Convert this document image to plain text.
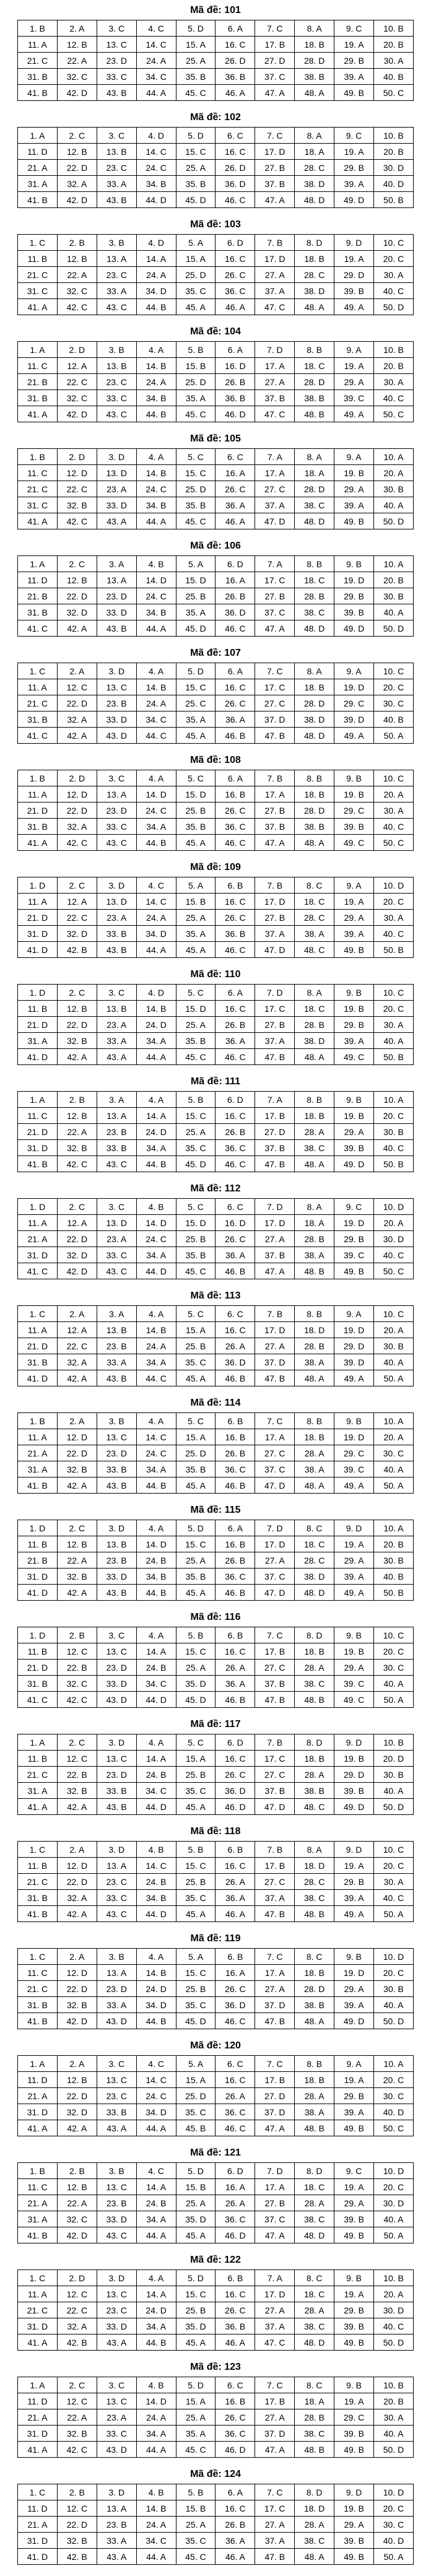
Mã đề: 101
1. B	2. A	3. C	4. C	5. D	6. A	7. C	8. A	9. C	10. B
11. A	12. B	13. C	14. C	15. A	16. C	17. B	18. B	19. A	20. B
21. C	22. A	23. D	24. A	25. A	26. D	27. D	28. D	29. B	30. A
31. B	32. C	33. C	34. C	35. B	36. B	37. C	38. B	39. A	40. B
41. B	42. D	43. B	44. A	45. C	46. A	47. A	48. A	49. B	50. C
Mã đề: 102
1. A	2. C	3. C	4. D	5. D	6. C	7. C	8. A	9. C	10. B
11. D	12. B	13. B	14. C	15. C	16. C	17. D	18. A	19. A	20. B
21. A	22. D	23. C	24. C	25. A	26. D	27. B	28. C	29. B	30. D
31. A	32. A	33. A	34. B	35. B	36. D	37. B	38. D	39. A	40. D
41. B	42. D	43. B	44. D	45. D	46. C	47. A	48. D	49. D	50. B
Mã đề: 103
1. C	2. B	3. B	4. D	5. A	6. D	7. B	8. D	9. D	10. C
11. B	12. B	13. A	14. A	15. A	16. C	17. D	18. B	19. A	20. C
21. C	22. A	23. C	24. A	25. D	26. C	27. A	28. C	29. D	30. A
31. C	32. C	33. A	34. D	35. C	36. C	37. A	38. D	39. B	40. C
41. A	42. C	43. C	44. B	45. A	46. A	47. C	48. A	49. A	50. D
Mã đề: 104
1. A	2. D	3. B	4. A	5. B	6. A	7. D	8. B	9. A	10. B
11. C	12. A	13. B	14. B	15. B	16. D	17. A	18. C	19. A	20. B
21. B	22. C	23. C	24. A	25. D	26. B	27. A	28. D	29. A	30. A
31. B	32. C	33. C	34. B	35. A	36. B	37. B	38. B	39. C	40. C
41. A	42. D	43. C	44. B	45. C	46. D	47. C	48. B	49. A	50. C
Mã đề: 105
1. B	2. D	3. D	4. A	5. C	6. C	7. A	8. A	9. A	10. A
11. C	12. D	13. D	14. B	15. C	16. A	17. A	18. A	19. B	20. A
21. C	22. C	23. A	24. C	25. D	26. C	27. C	28. D	29. A	30. B
31. C	32. B	33. D	34. B	35. B	36. A	37. A	38. C	39. A	40. A
41. A	42. C	43. A	44. A	45. C	46. A	47. D	48. D	49. B	50. D
Mã đề: 106
1. A	2. C	3. A	4. B	5. A	6. D	7. A	8. B	9. B	10. A
11. D	12. B	13. A	14. D	15. D	16. A	17. C	18. C	19. D	20. B
21. B	22. D	23. D	24. C	25. B	26. B	27. B	28. B	29. B	30. B
31. B	32. D	33. D	34. B	35. A	36. D	37. C	38. C	39. B	40. A
41. C	42. A	43. B	44. A	45. D	46. C	47. A	48. D	49. D	50. D
Mã đề: 107
1. C	2. A	3. D	4. A	5. D	6. A	7. C	8. A	9. A	10. C
11. A	12. C	13. C	14. B	15. C	16. C	17. C	18. B	19. D	20. C
21. C	22. D	23. B	24. A	25. C	26. C	27. C	28. D	29. C	30. C
31. B	32. A	33. D	34. C	35. A	36. A	37. D	38. D	39. D	40. B
41. C	42. A	43. D	44. C	45. A	46. B	47. B	48. D	49. A	50. A
Mã đề: 108
1. B	2. D	3. C	4. A	5. C	6. A	7. B	8. B	9. B	10. C
11. A	12. D	13. A	14. D	15. D	16. B	17. A	18. B	19. B	20. A
21. D	22. D	23. D	24. C	25. B	26. C	27. B	28. D	29. C	30. A
31. B	32. A	33. C	34. A	35. B	36. C	37. B	38. B	39. B	40. C
41. A	42. C	43. C	44. B	45. A	46. C	47. A	48. A	49. C	50. C
Mã đề: 109
1. D	2. C	3. D	4. C	5. A	6. B	7. B	8. C	9. A	10. D
11. A	12. A	13. D	14. C	15. B	16. C	17. D	18. C	19. A	20. C
21. D	22. C	23. A	24. A	25. A	26. C	27. B	28. C	29. A	30. A
31. D	32. D	33. B	34. D	35. A	36. B	37. A	38. A	39. A	40. C
41. D	42. B	43. B	44. A	45. A	46. C	47. D	48. C	49. B	50. B
Mã đề: 110
1. D	2. C	3. C	4. D	5. C	6. A	7. D	8. A	9. B	10. C
11. B	12. B	13. B	14. B	15. D	16. C	17. C	18. C	19. B	20. C
21. D	22. D	23. A	24. D	25. A	26. B	27. B	28. B	29. B	30. A
31. A	32. B	33. A	34. A	35. B	36. A	37. A	38. D	39. A	40. A
41. D	42. A	43. A	44. A	45. C	46. C	47. B	48. A	49. C	50. B
Mã đề: 111
1. A	2. B	3. A	4. A	5. B	6. D	7. A	8. B	9. B	10. A
11. C	12. B	13. A	14. A	15. C	16. C	17. B	18. B	19. B	20. C
21. D	22. A	23. B	24. D	25. A	26. B	27. D	28. A	29. A	30. B
31. D	32. B	33. B	34. A	35. C	36. C	37. B	38. C	39. B	40. C
41. B	42. C	43. C	44. B	45. D	46. C	47. B	48. A	49. D	50. B
Mã đề: 112
1. D	2. C	3. C	4. B	5. C	6. C	7. D	8. A	9. C	10. D
11. A	12. A	13. D	14. D	15. D	16. D	17. D	18. A	19. D	20. A
21. A	22. D	23. A	24. C	25. B	26. C	27. A	28. B	29. B	30. D
31. D	32. D	33. C	34. A	35. B	36. A	37. B	38. A	39. C	40. C
41. C	42. D	43. C	44. D	45. C	46. B	47. A	48. B	49. B	50. C
Mã đề: 113
1. C	2. A	3. A	4. A	5. C	6. C	7. B	8. B	9. A	10. C
11. A	12. A	13. B	14. B	15. A	16. C	17. D	18. D	19. D	20. A
21. D	22. C	23. B	24. A	25. B	26. A	27. A	28. B	29. D	30. B
31. B	32. A	33. A	34. A	35. C	36. D	37. D	38. A	39. D	40. A
41. D	42. A	43. B	44. C	45. A	46. B	47. B	48. A	49. A	50. A
Mã đề: 114
1. B	2. A	3. B	4. A	5. C	6. B	7. C	8. B	9. B	10. A
11. A	12. D	13. C	14. C	15. A	16. B	17. A	18. B	19. D	20. A
21. A	22. D	23. D	24. C	25. D	26. B	27. C	28. A	29. C	30. C
31. A	32. B	33. B	34. A	35. B	36. C	37. C	38. A	39. C	40. A
41. B	42. A	43. B	44. B	45. A	46. B	47. D	48. A	49. A	50. A
Mã đề: 115
1. D	2. C	3. D	4. A	5. D	6. A	7. D	8. C	9. D	10. A
11. B	12. B	13. B	14. D	15. C	16. B	17. D	18. C	19. A	20. B
21. B	22. A	23. B	24. B	25. A	26. B	27. A	28. C	29. A	30. B
31. D	32. B	33. D	34. B	35. B	36. C	37. C	38. D	39. A	40. B
41. D	42. A	43. B	44. B	45. A	46. B	47. D	48. D	49. A	50. B
Mã đề: 116
1. D	2. B	3. C	4. A	5. B	6. B	7. C	8. D	9. B	10. C
11. B	12. C	13. C	14. A	15. C	16. C	17. B	18. B	19. B	20. C
21. D	22. B	23. D	24. B	25. A	26. A	27. C	28. A	29. A	30. C
31. B	32. C	33. D	34. C	35. D	36. A	37. B	38. C	39. C	40. A
41. C	42. C	43. D	44. D	45. D	46. B	47. B	48. B	49. C	50. A
Mã đề: 117
1. A	2. C	3. D	4. A	5. C	6. D	7. B	8. D	9. D	10. B
11. B	12. C	13. C	14. A	15. A	16. C	17. C	18. B	19. B	20. D
21. C	22. B	23. D	24. B	25. B	26. C	27. C	28. A	29. D	30. B
31. A	32. B	33. B	34. C	35. C	36. D	37. B	38. B	39. B	40. A
41. A	42. A	43. B	44. D	45. A	46. D	47. D	48. C	49. D	50. D
Mã đề: 118
1. C	2. A	3. D	4. B	5. B	6. B	7. B	8. A	9. D	10. C
11. B	12. D	13. A	14. C	15. C	16. C	17. B	18. D	19. A	20. C
21. C	22. D	23. C	24. B	25. B	26. A	27. C	28. C	29. B	30. A
31. B	32. A	33. C	34. B	35. C	36. A	37. A	38. C	39. A	40. C
41. B	42. A	43. C	44. D	45. A	46. A	47. B	48. B	49. A	50. A
Mã đề: 119
1. C	2. A	3. B	4. A	5. A	6. B	7. C	8. C	9. B	10. D
11. C	12. D	13. A	14. B	15. C	16. A	17. A	18. B	19. D	20. C
21. C	22. D	23. D	24. D	25. B	26. C	27. A	28. D	29. A	30. B
31. B	32. B	33. A	34. D	35. C	36. D	37. D	38. B	39. A	40. A
41. B	42. D	43. D	44. B	45. D	46. C	47. B	48. A	49. D	50. D
Mã đề: 120
1. A	2. A	3. C	4. C	5. A	6. C	7. C	8. B	9. A	10. A
11. D	12. B	13. C	14. C	15. A	16. C	17. B	18. B	19. A	20. C
21. A	22. D	23. C	24. C	25. D	26. A	27. D	28. A	29. B	30. C
31. D	32. D	33. B	34. D	35. C	36. C	37. D	38. A	39. A	40. D
41. A	42. A	43. A	44. A	45. B	46. C	47. A	48. B	49. B	50. C
Mã đề: 121
1. B	2. B	3. B	4. C	5. D	6. D	7. D	8. D	9. C	10. D
11. C	12. B	13. C	14. A	15. B	16. A	17. A	18. C	19. A	20. C
21. A	22. A	23. B	24. B	25. A	26. A	27. B	28. A	29. A	30. D
31. A	32. C	33. D	34. A	35. D	36. C	37. C	38. C	39. B	40. A
41. B	42. D	43. C	44. A	45. A	46. D	47. A	48. D	49. B	50. A
Mã đề: 122
1. C	2. D	3. D	4. A	5. D	6. B	7. A	8. C	9. B	10. B
11. A	12. C	13. C	14. A	15. C	16. C	17. D	18. C	19. A	20. A
21. C	22. C	23. C	24. D	25. B	26. C	27. A	28. A	29. B	30. D
31. D	32. A	33. D	34. A	35. D	36. B	37. A	38. C	39. B	40. C
41. A	42. B	43. A	44. B	45. A	46. A	47. C	48. D	49. B	50. D
Mã đề: 123
1. A	2. C	3. C	4. B	5. D	6. C	7. C	8. C	9. B	10. B
11. D	12. C	13. C	14. D	15. A	16. B	17. B	18. A	19. A	20. B
21. A	22. A	23. A	24. A	25. A	26. C	27. A	28. B	29. C	30. A
31. D	32. B	33. C	34. A	35. A	36. C	37. D	38. C	39. B	40. A
41. A	42. C	43. D	44. A	45. C	46. D	47. A	48. B	49. B	50. D
Mã đề: 124
1. C	2. B	3. D	4. B	5. B	6. A	7. C	8. D	9. D	10. D
11. D	12. C	13. A	14. B	15. B	16. C	17. C	18. D	19. B	20. C
21. A	22. D	23. B	24. A	25. A	26. B	27. A	28. A	29. A	30. C
31. D	32. B	33. A	34. C	35. C	36. A	37. A	38. C	39. B	40. D
41. D	42. B	43. A	44. A	45. C	46. A	47. B	48. A	49. B	50. A
